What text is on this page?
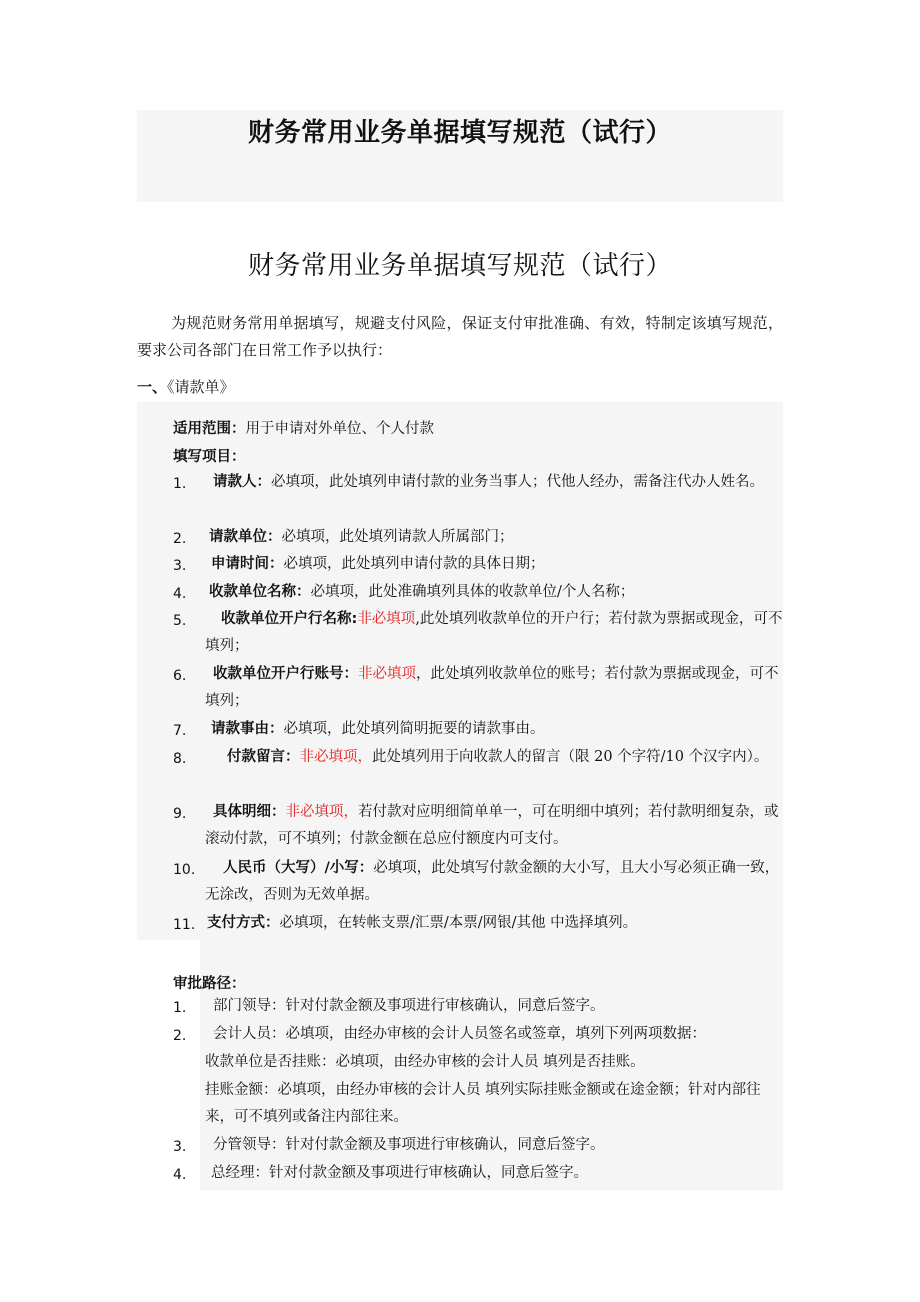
财务常用业务单据填写规范（试行）
财务常用业务单据填写规范（试行）
为规范财务常用单据填写，规避支付风险，保证支付审批准确、有效，特制定该填写规范，要求公司各部门在日常工作予以执行：
一、《请款单》
适用范围：用于申请对外单位、个人付款
填写项目：
1.	请款人：必填项，此处填列申请付款的业务当事人；代他人经办，需备注代办人姓名。
2. 请款单位：必填项，此处填列请款人所属部门；
3.	申请时间：必填项，此处填列申请付款的具体日期；
4. 收款单位名称：必填项，此处准确填列具体的收款单位/个人名称；
5.	收款单位开户行名称:非必填项,此处填列收款单位的开户行；若付款为票据或现金，可不填列；
6.	收款单位开户行账号：非必填项，此处填列收款单位的账号；若付款为票据或现金，可不填列；
7.	请款事由：必填项，此处填列简明扼要的请款事由。
8.	付款留言：非必填项，此处填列用于向收款人的留言（限 20 个字符/10 个汉字内）。
9.	具体明细：非必填项，若付款对应明细简单单一，可在明细中填列；若付款明细复杂，或滚动付款，可不填列；付款金额在总应付额度内可支付。
10.	人民币（大写）/小写：必填项，此处填写付款金额的大小写，且大小写必须正确一致，无涂改，否则为无效单据。
11. 支付方式：必填项，在转帐支票/汇票/本票/网银/其他 中选择填列。
审批路径：
1.	部门领导：针对付款金额及事项进行审核确认，同意后签字。
2.	会计人员：必填项，由经办审核的会计人员签名或签章，填列下列两项数据：
收款单位是否挂账：必填项，由经办审核的会计人员 填列是否挂账。
挂账金额：必填项，由经办审核的会计人员 填列实际挂账金额或在途金额；针对内部往来，可不填列或备注内部往来。
3.	分管领导：针对付款金额及事项进行审核确认，同意后签字。
4.	总经理：针对付款金额及事项进行审核确认，同意后签字。
